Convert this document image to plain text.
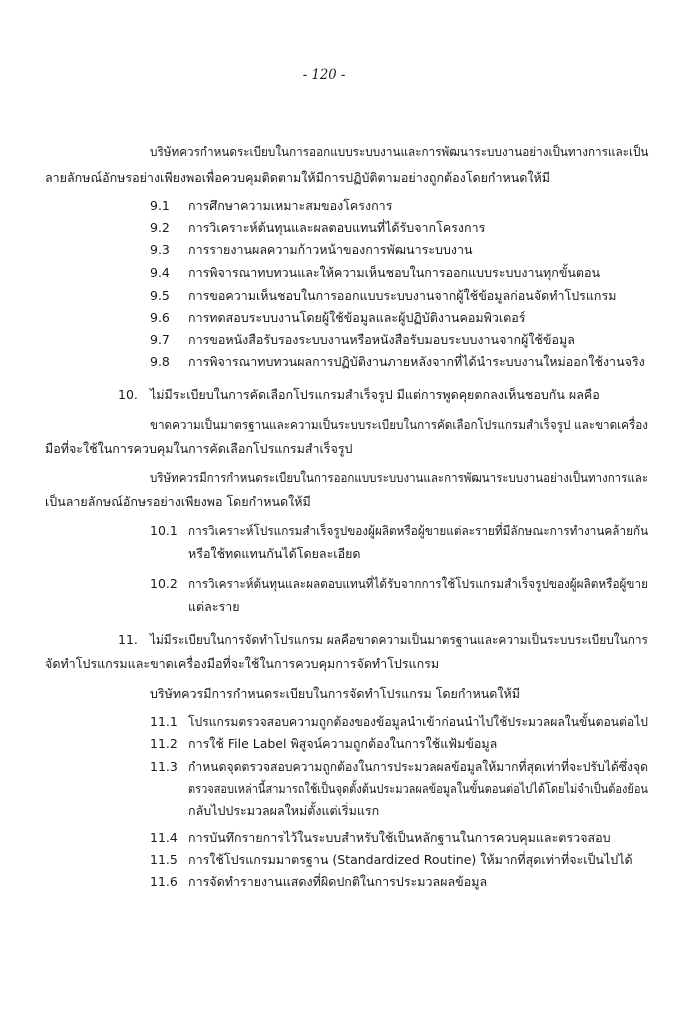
- 120 -
บริษัทควรกำหนดระเบียบในการออกแบบระบบงานและการพัฒนาระบบงานอย่างเป็นทางการและเป็น
ลายลักษณ์อักษรอย่างเพียงพอเพื่อควบคุมติดตามให้มีการปฏิบัติตามอย่างถูกต้องโดยกำหนดให้มี
9.1	การศึกษาความเหมาะสมของโครงการ
9.2	การวิเคราะห์ต้นทุนและผลตอบแทนที่ได้รับจากโครงการ
9.3	การรายงานผลความก้าวหน้าของการพัฒนาระบบงาน
9.4	การพิจารณาทบทวนและให้ความเห็นชอบในการออกแบบระบบงานทุกขั้นตอน
9.5	การขอความเห็นชอบในการออกแบบระบบงานจากผู้ใช้ข้อมูลก่อนจัดทำโปรแกรม
9.6	การทดสอบระบบงานโดยผู้ใช้ข้อมูลและผู้ปฏิบัติงานคอมพิวเตอร์
9.7	การขอหนังสือรับรองระบบงานหรือหนังสือรับมอบระบบงานจากผู้ใช้ข้อมูล
9.8	การพิจารณาทบทวนผลการปฏิบัติงานภายหลังจากที่ได้นำระบบงานใหม่ออกใช้งานจริง
10. ไม่มีระเบียบในการคัดเลือกโปรแกรมสำเร็จรูป มีแต่การพูดคุยตกลงเห็นชอบกัน ผลคือ
ขาดความเป็นมาตรฐานและความเป็นระบบระเบียบในการคัดเลือกโปรแกรมสำเร็จรูป และขาดเครื่อง
มือที่จะใช้ในการควบคุมในการคัดเลือกโปรแกรมสำเร็จรูป
บริษัทควรมีการกำหนดระเบียบในการออกแบบระบบงานและการพัฒนาระบบงานอย่างเป็นทางการและ
เป็นลายลักษณ์อักษรอย่างเพียงพอ โดยกำหนดให้มี
10.1 การวิเคราะห์โปรแกรมสำเร็จรูปของผู้ผลิตหรือผู้ขายแต่ละรายที่มีลักษณะการทำงานคล้ายกัน
หรือใช้ทดแทนกันได้โดยละเอียด
10.2 การวิเคราะห์ต้นทุนและผลตอบแทนที่ได้รับจากการใช้โปรแกรมสำเร็จรูปของผู้ผลิตหรือผู้ขาย
แต่ละราย
11. ไม่มีระเบียบในการจัดทำโปรแกรม ผลคือขาดความเป็นมาตรฐานและความเป็นระบบระเบียบในการ
จัดทำโปรแกรมและขาดเครื่องมือที่จะใช้ในการควบคุมการจัดทำโปรแกรม
บริษัทควรมีการกำหนดระเบียบในการจัดทำโปรแกรม โดยกำหนดให้มี
11.1 โปรแกรมตรวจสอบความถูกต้องของข้อมูลนำเข้าก่อนนำไปใช้ประมวลผลในขั้นตอนต่อไป
11.2 การใช้ File Label พิสูจน์ความถูกต้องในการใช้แฟ้มข้อมูล
11.3 กำหนดจุดตรวจสอบความถูกต้องในการประมวลผลข้อมูลให้มากที่สุดเท่าที่จะปรับได้ซึ่งจุด
ตรวจสอบเหล่านี้สามารถใช้เป็นจุดตั้งต้นประมวลผลข้อมูลในขั้นตอนต่อไปได้โดยไม่จำเป็นต้องย้อน
กลับไปประมวลผลใหม่ตั้งแต่เริ่มแรก
11.4 การบันทึกรายการไว้ในระบบสำหรับใช้เป็นหลักฐานในการควบคุมและตรวจสอบ
11.5 การใช้โปรแกรมมาตรฐาน (Standardized Routine) ให้มากที่สุดเท่าที่จะเป็นไปได้
11.6 การจัดทำรายงานแสดงที่ผิดปกติในการประมวลผลข้อมูล
